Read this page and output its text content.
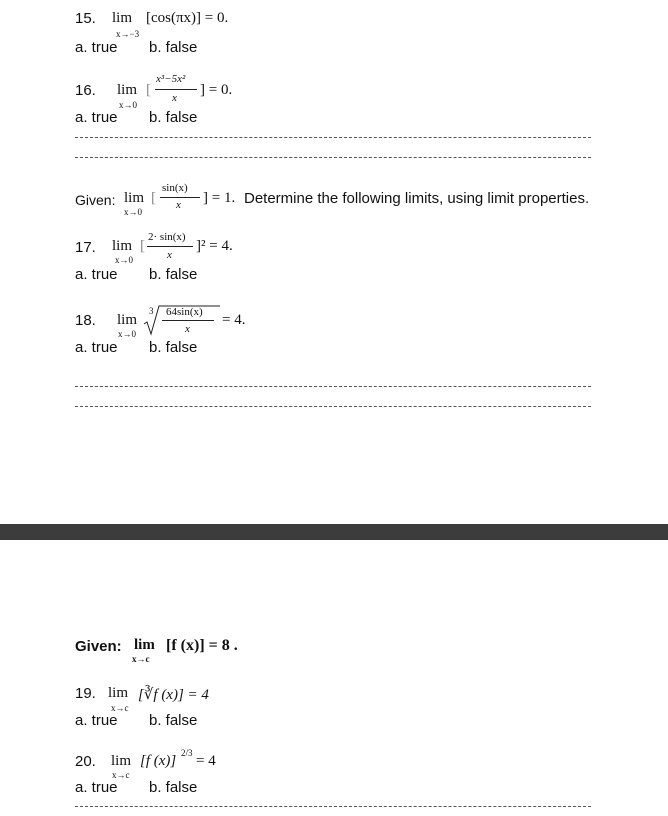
15. lim
x→−3
[cos(πx)] = 0.
a. true b. false
16. lim
x→0
[
x³−5x²
x ] = 0.
a. true b. false
Given: lim
x→0
[
sin(x)
x ] = 1. Determine the following limits, using limit properties.
17. lim
x→0
[
2· sin(x)
x
]² = 4.
a. true b. false
18. lim
x→0
3 64sin(x)
x
= 4.
a. true b. false
Given: lim
x→c
[f (x)] = 8 .
19. lim
x→c
[∛f (x)] = 4
a. true b. false
20. lim
x→c
[f (x)] 2/3 = 4
a. true b. false
